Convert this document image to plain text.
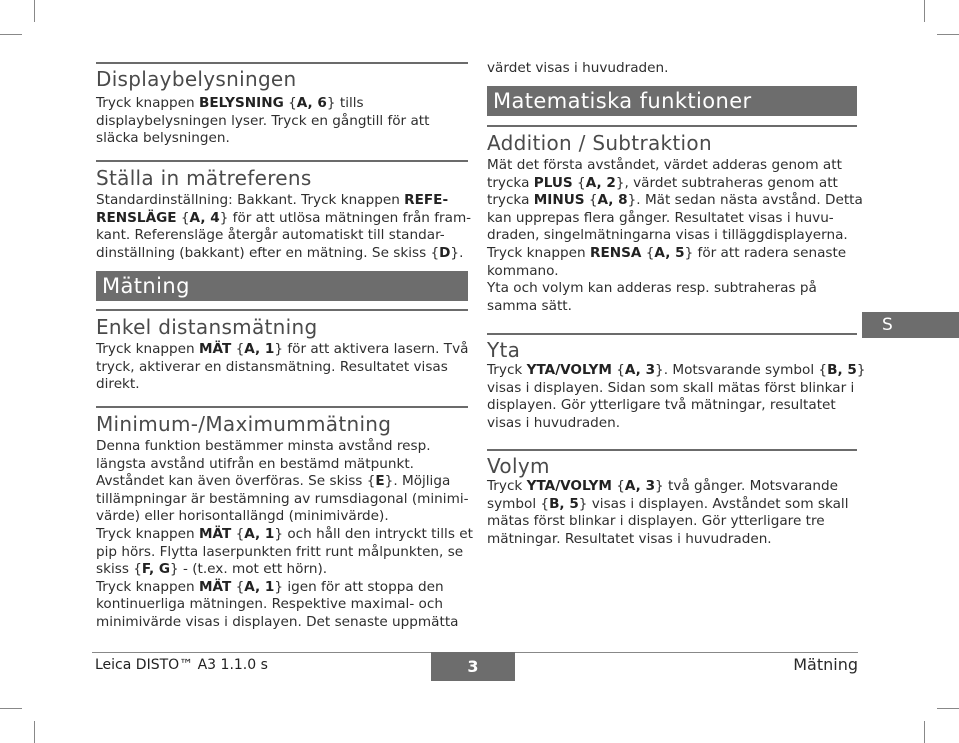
Displaybelysningen
Tryck knappen BELYSNING {A, 6} tills
displaybelysningen lyser. Tryck en gångtill för att
släcka belysningen.
Ställa in mätreferens
Standardinställning: Bakkant. Tryck knappen REFE-
RENSLÄGE {A, 4} för att utlösa mätningen från fram-
kant. Referensläge återgår automatiskt till standar-
dinställning (bakkant) efter en mätning. Se skiss {D}.
Mätning
Enkel distansmätning
Tryck knappen MÄT {A, 1} för att aktivera lasern. Två
tryck, aktiverar en distansmätning. Resultatet visas
direkt.
Minimum-/Maximummätning
Denna funktion bestämmer minsta avstånd resp.
längsta avstånd utifrån en bestämd mätpunkt.
Avståndet kan även överföras. Se skiss {E}. Möjliga
tillämpningar är bestämning av rumsdiagonal (minimi-
värde) eller horisontallängd (minimivärde).
Tryck knappen MÄT {A, 1} och håll den intryckt tills et
pip hörs. Flytta laserpunkten fritt runt målpunkten, se
skiss {F, G} - (t.ex. mot ett hörn).
Tryck knappen MÄT {A, 1} igen för att stoppa den
kontinuerliga mätningen. Respektive maximal- och
minimivärde visas i displayen. Det senaste uppmätta
värdet visas i huvudraden.
Matematiska funktioner
Addition / Subtraktion
Mät det första avståndet, värdet adderas genom att
trycka PLUS {A, 2}, värdet subtraheras genom att
trycka MINUS {A, 8}. Mät sedan nästa avstånd. Detta
kan upprepas flera gånger. Resultatet visas i huvu-
draden, singelmätningarna visas i tilläggdisplayerna.
Tryck knappen RENSA {A, 5} för att radera senaste
kommano.
Yta och volym kan adderas resp. subtraheras på
samma sätt.
Yta
Tryck YTA/VOLYM {A, 3}. Motsvarande symbol {B, 5}
visas i displayen. Sidan som skall mätas först blinkar i
displayen. Gör ytterligare två mätningar, resultatet
visas i huvudraden.
Volym
Tryck YTA/VOLYM {A, 3} två gånger. Motsvarande
symbol {B, 5} visas i displayen. Avståndet som skall
mätas först blinkar i displayen. Gör ytterligare tre
mätningar. Resultatet visas i huvudraden.
S
Leica DISTO™ A3 1.1.0 s	3	Mätning
